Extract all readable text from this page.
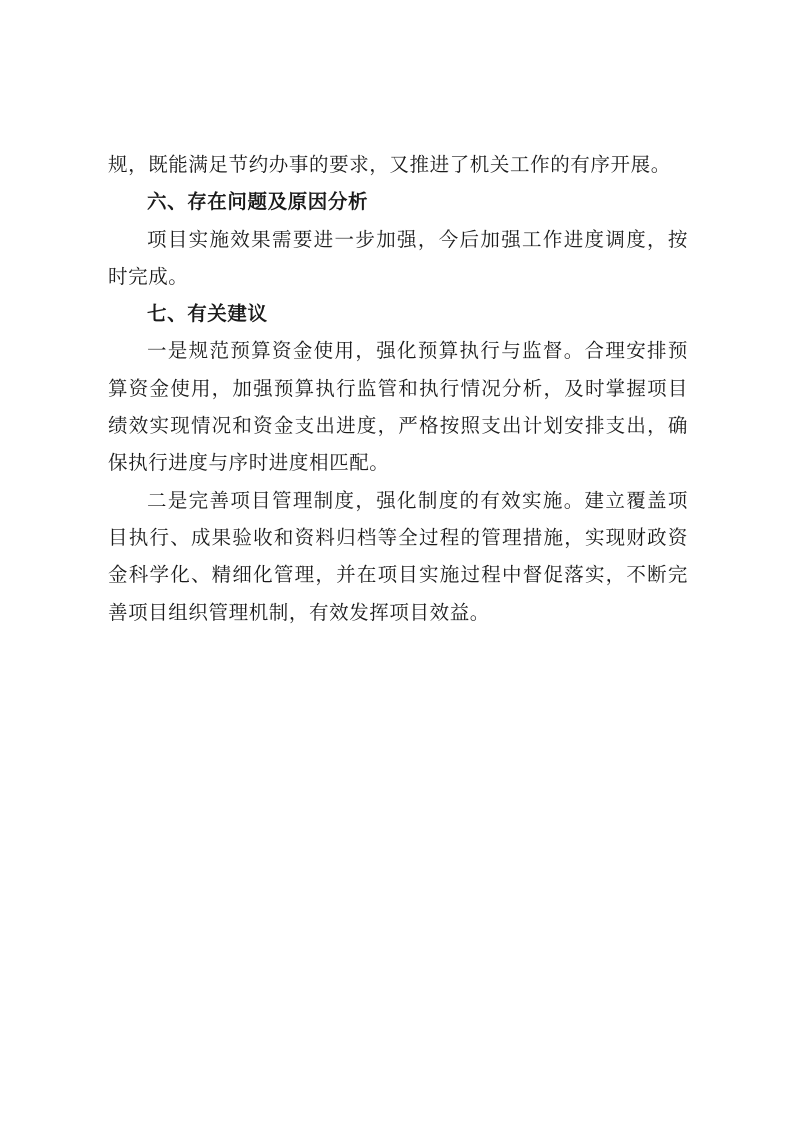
规，既能满足节约办事的要求，又推进了机关工作的有序开展。

六、存在问题及原因分析

项目实施效果需要进一步加强，今后加强工作进度调度，按时完成。

七、有关建议

一是规范预算资金使用，强化预算执行与监督。合理安排预算资金使用，加强预算执行监管和执行情况分析，及时掌握项目绩效实现情况和资金支出进度，严格按照支出计划安排支出，确保执行进度与序时进度相匹配。

二是完善项目管理制度，强化制度的有效实施。建立覆盖项目执行、成果验收和资料归档等全过程的管理措施，实现财政资金科学化、精细化管理，并在项目实施过程中督促落实，不断完善项目组织管理机制，有效发挥项目效益。
